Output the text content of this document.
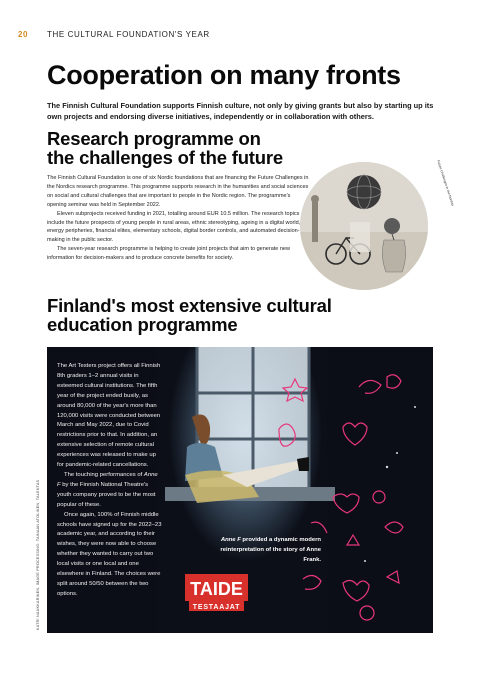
20 THE CULTURAL FOUNDATION'S YEAR
Cooperation on many fronts

The Finnish Cultural Foundation supports Finnish culture, not only by giving grants but also by starting up its own projects and endorsing diverse initiatives, independently or in collaboration with others.

Research programme on
the challenges of the future

The Finnish Cultural Foundation is one of six Nordic foundations that are financing the Future Challenges in the Nordics research programme. This programme supports research in the humanities and social sciences on social and cultural challenges that are important to people in the Nordic region. The programme's opening seminar was held in September 2022.

Eleven subprojects received funding in 2021, totalling around EUR 10.5 million. The research topics include the future prospects of young people in rural areas, ethnic stereotyping, ageing in a digital world, energy peripheries, financial elites, elementary schools, digital border controls, and automated decision-making in the public sector.

The seven-year research programme is helping to create joint projects that aim to generate new information for decision-makers and to produce concrete benefits for society.

Future Challenges in the Nordics
Finland's most extensive cultural
education programme
KATRI NAUKKARINEN, IMAGE PROCESSING: TAINAAN ATOLINEN, TALENTAS

The Art Testers project offers all Finnish 8th graders 1–2 annual visits in esteemed cultural institutions. The fifth year of the project ended busily, as around 80,000 of the year's more than 120,000 visits were conducted between March and May 2022, due to Covid restrictions prior to that. In addition, an extensive selection of remote cultural experiences was released to make up for pandemic-related cancellations.

The touching performances of Anne F by the Finnish National Theatre's youth company proved to be the most popular of these.

Once again, 100% of Finnish middle schools have signed up for the 2022–23 academic year, and according to their wishes, they were now able to choose whether they wanted to carry out two local visits or one local and one elsewhere in Finland. The choices were split around 50/50 between the two options.

Anne F provided a dynamic modern reinterpretation of the story of Anne Frank.
TAIDE
TESTAAJAT
